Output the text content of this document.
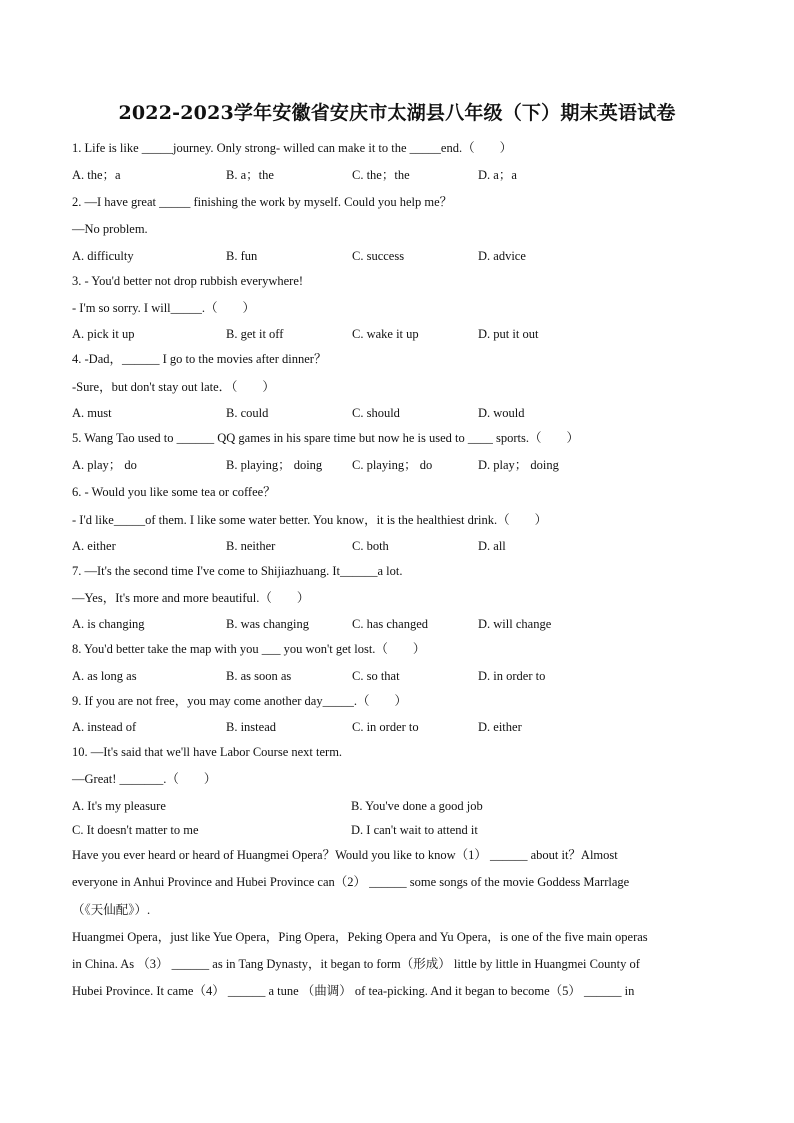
2022-2023学年安徽省安庆市太湖县八年级（下）期末英语试卷
1. Life is like _____journey. Only strong- willed can make it to the _____end.（　　）
A. the；a	B. a；the	C. the；the	D. a；a
2. —I have great _____ finishing the work by myself. Could you help me？
—No problem.
A. difficulty	B. fun	C. success	D. advice
3. - You'd better not drop rubbish everywhere!
- I'm so sorry. I will_____.（　　）
A. pick it up	B. get it off	C. wake it up	D. put it out
4. -Dad，______ I go to the movies after dinner？
-Sure，but don't stay out late．（　　）
A. must	B. could	C. should	D. would
5. Wang Tao used to ______ QQ games in his spare time but now he is used to ____ sports.（　　）
A. play； do	B. playing； doing C. playing； do	D. play； doing
6. - Would you like some tea or coffee？
- I'd like_____of them. I like some water better. You know，it is the healthiest drink.（　　）
A. either	B. neither	C. both	D. all
7. —It's the second time I've come to Shijiazhuang. It______a lot.
—Yes，It's more and more beautiful.（　　）
A. is changing	B. was changing	C. has changed	D. will change
8. You'd better take the map with you ___ you won't get lost.（　　）
A. as long as	B. as soon as	C. so that	D. in order to
9. If you are not free，you may come another day_____.（　　）
A. instead of	B. instead	C. in order to	D. either
10. —It's said that we'll have Labor Course next term.
—Great! _______.（　　）
A. It's my pleasure	B. You've done a good job
C. It doesn't matter to me	D. I can't wait to attend it
Have you ever heard or heard of Huangmei Opera？Would you like to know（1） ______ about it？Almost
everyone in Anhui Province and Hubei Province can（2） ______ some songs of the movie Goddess Marrlage
（《天仙配》）.
Huangmei Opera，just like Yue Opera，Ping Opera，Peking Opera and Yu Opera，is one of the five main operas
in China. As （3） ______ as in Tang Dynasty，it began to form（形成） little by little in Huangmei County of
Hubei Province. It came（4） ______ a tune （曲调） of tea-picking. And it began to become（5） ______ in
